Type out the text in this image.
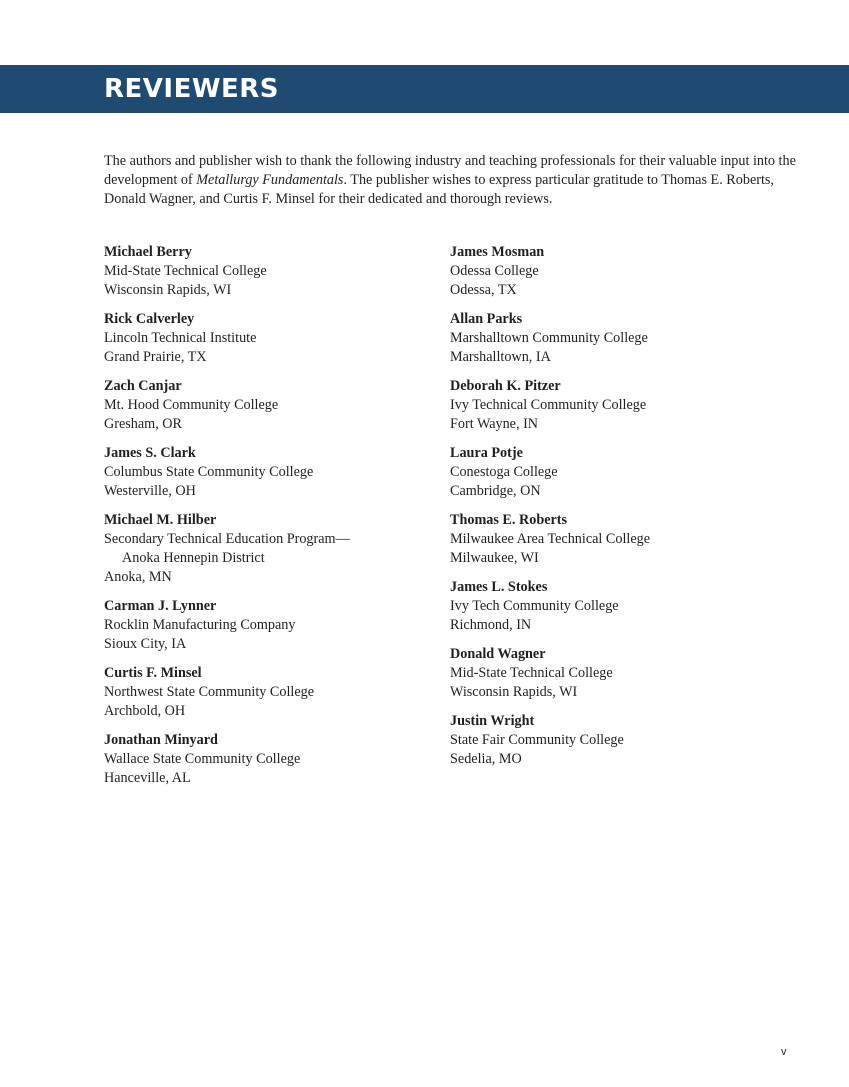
REVIEWERS

The authors and publisher wish to thank the following industry and teaching professionals for their valuable input into the development of Metallurgy Fundamentals. The publisher wishes to express particular gratitude to Thomas E. Roberts, Donald Wagner, and Curtis F. Minsel for their dedicated and thorough reviews.

Michael Berry
Mid-State Technical College
Wisconsin Rapids, WI
Rick Calverley
Lincoln Technical Institute
Grand Prairie, TX
Zach Canjar
Mt. Hood Community College
Gresham, OR
James S. Clark
Columbus State Community College
Westerville, OH
Michael M. Hilber
Secondary Technical Education Program—
Anoka Hennepin District
Anoka, MN
Carman J. Lynner
Rocklin Manufacturing Company
Sioux City, IA
Curtis F. Minsel
Northwest State Community College
Archbold, OH
Jonathan Minyard
Wallace State Community College
Hanceville, AL
James Mosman
Odessa College
Odessa, TX
Allan Parks
Marshalltown Community College
Marshalltown, IA
Deborah K. Pitzer
Ivy Technical Community College
Fort Wayne, IN
Laura Potje
Conestoga College
Cambridge, ON
Thomas E. Roberts
Milwaukee Area Technical College
Milwaukee, WI
James L. Stokes
Ivy Tech Community College
Richmond, IN
Donald Wagner
Mid-State Technical College
Wisconsin Rapids, WI
Justin Wright
State Fair Community College
Sedelia, MO
v
